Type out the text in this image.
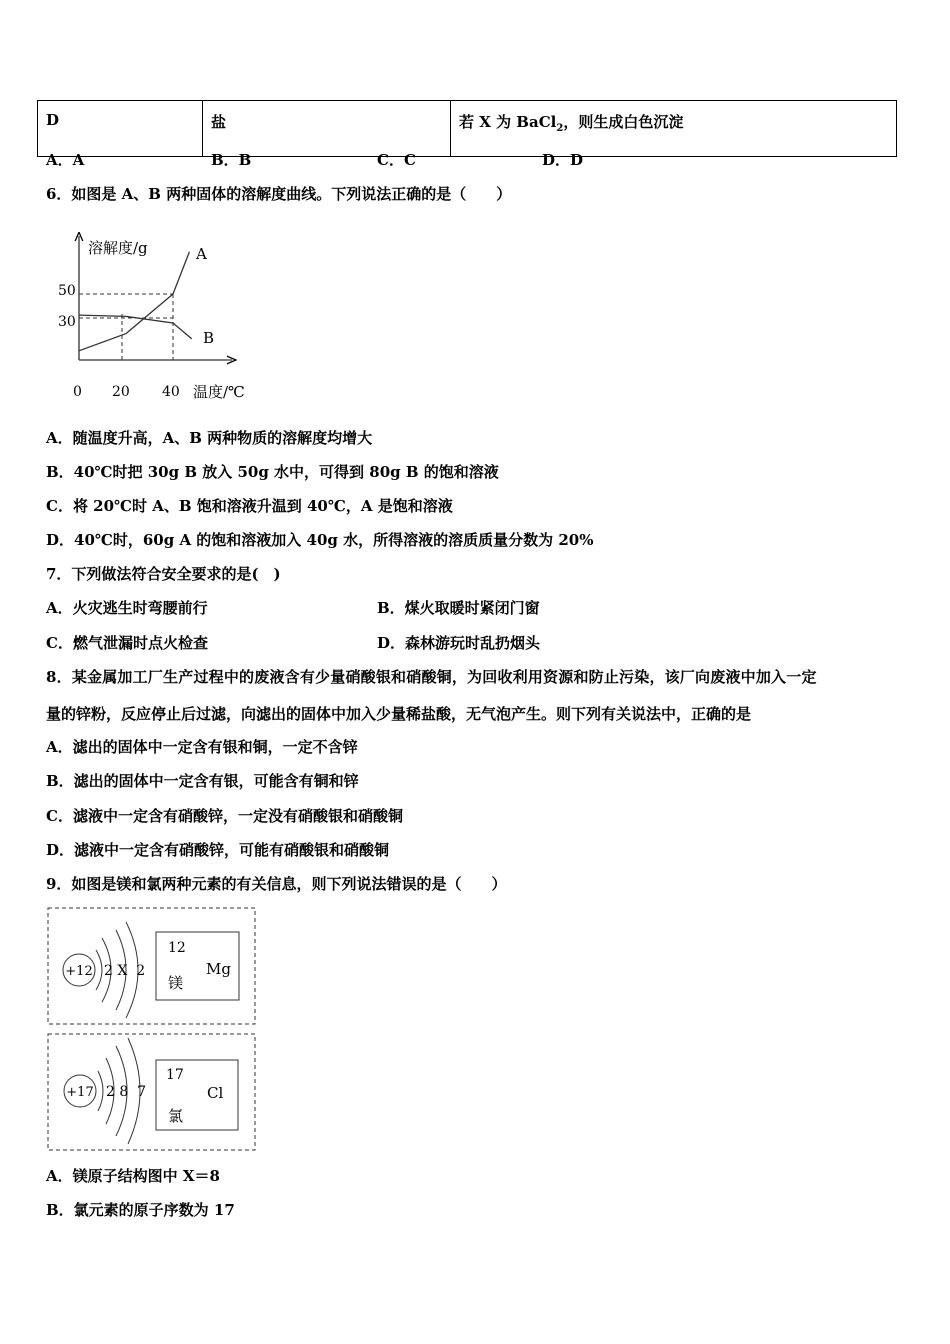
D	盐	若 X 为 BaCl$_2$，则生成白色沉淀
A．A	B．B	C．C	D．D
6．如图是 A、B 两种固体的溶解度曲线。下列说法正确的是（　　）
溶解度/g
温度/℃
0 20 40
30
50
A
B
A．随温度升高，A、B 两种物质的溶解度均增大
B．40℃时把 30g B 放入 50g 水中，可得到 80g B 的饱和溶液
C．将 20℃时 A、B 饱和溶液升温到 40℃，A 是饱和溶液
D．40℃时，60g A 的饱和溶液加入 40g 水，所得溶液的溶质质量分数为 20%
7．下列做法符合安全要求的是(　)
A．火灾逃生时弯腰前行	B．煤火取暖时紧闭门窗
C．燃气泄漏时点火检查	D．森林游玩时乱扔烟头
8．某金属加工厂生产过程中的废液含有少量硝酸银和硝酸铜，为回收利用资源和防止污染，该厂向废液中加入一定
量的锌粉，反应停止后过滤，向滤出的固体中加入少量稀盐酸，无气泡产生。则下列有关说法中，正确的是
A．滤出的固体中一定含有银和铜，一定不含锌
B．滤出的固体中一定含有银，可能含有铜和锌
C．滤液中一定含有硝酸锌，一定没有硝酸银和硝酸铜
D．滤液中一定含有硝酸锌，可能有硝酸银和硝酸铜
9．如图是镁和氯两种元素的有关信息，则下列说法错误的是（　　）
+12 2 X  2
12
Mg
镁
+17 2 8  7
17
Cl
氯
A．镁原子结构图中 X＝8
B．氯元素的原子序数为 17
